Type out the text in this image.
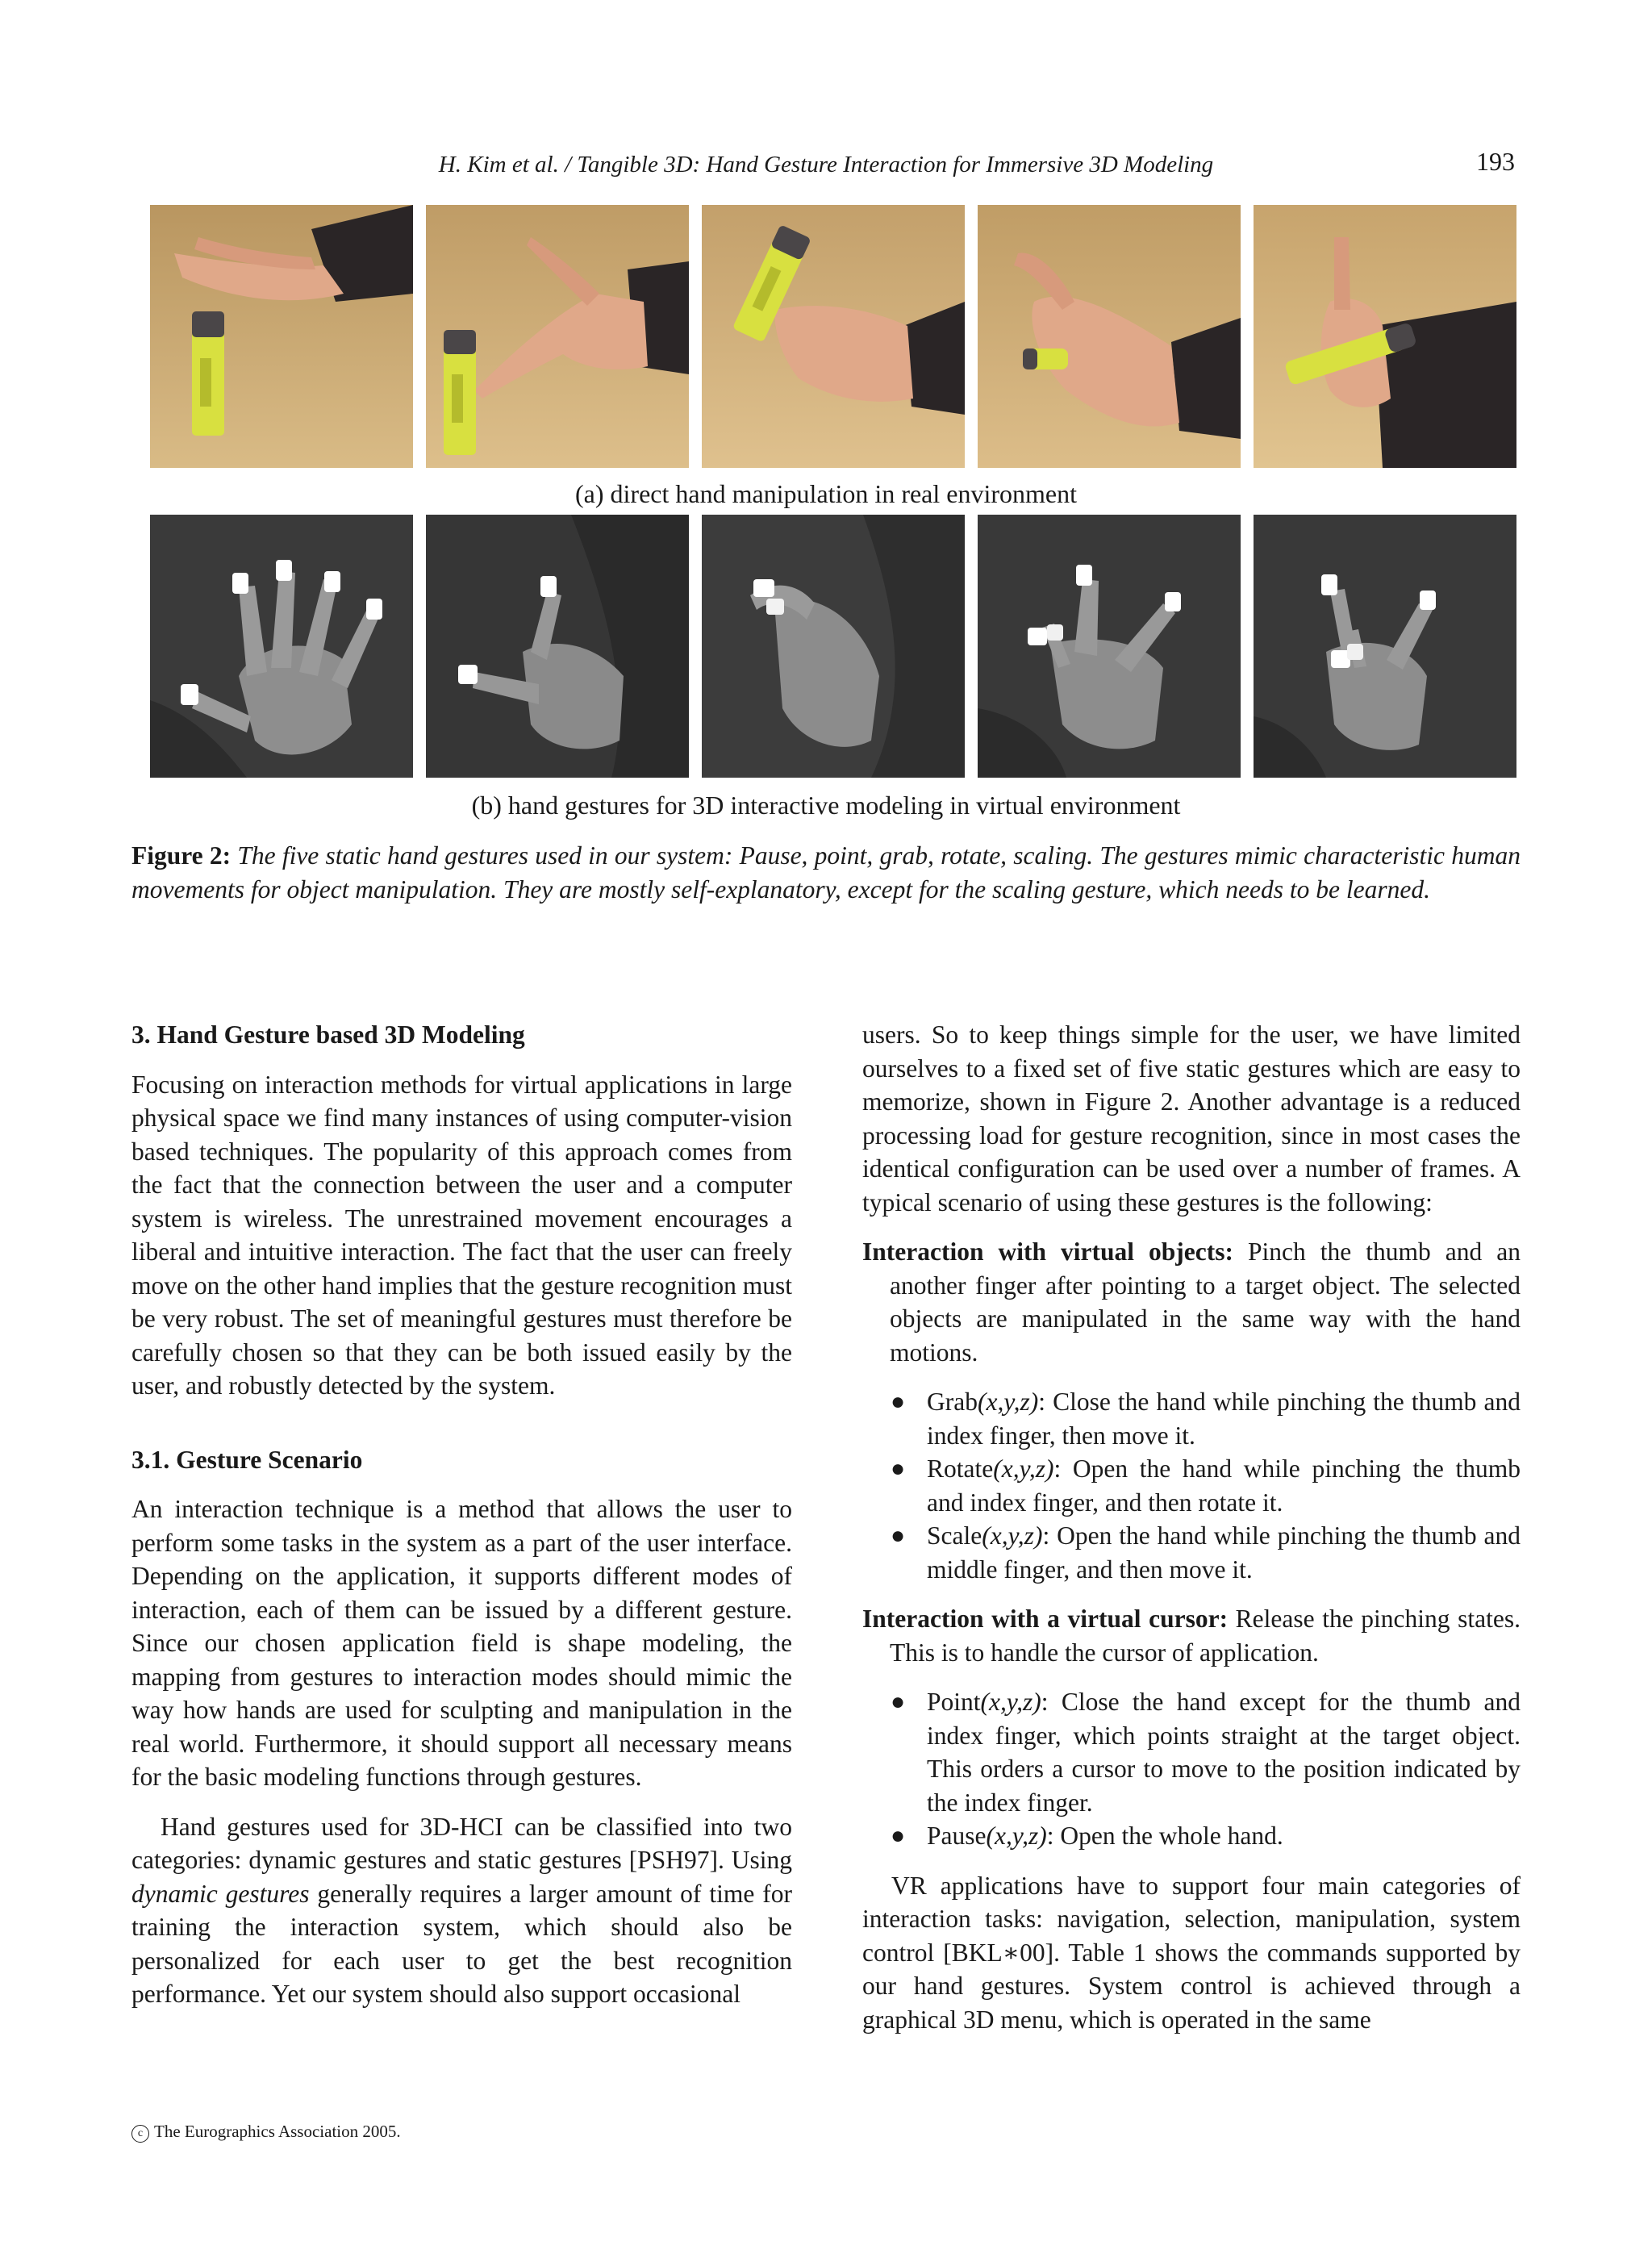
H. Kim et al. / Tangible 3D: Hand Gesture Interaction for Immersive 3D Modeling	193
(a) direct hand manipulation in real environment
(b) hand gestures for 3D interactive modeling in virtual environment
Figure 2: The five static hand gestures used in our system: Pause, point, grab, rotate, scaling. The gestures mimic characteristic human movements for object manipulation. They are mostly self-explanatory, except for the scaling gesture, which needs to be learned.
3. Hand Gesture based 3D Modeling

Focusing on interaction methods for virtual applications in large physical space we find many instances of using computer-vision based techniques. The popularity of this approach comes from the fact that the connection between the user and a computer system is wireless. The unrestrained movement encourages a liberal and intuitive interaction. The fact that the user can freely move on the other hand implies that the gesture recognition must be very robust. The set of meaningful gestures must therefore be carefully chosen so that they can be both issued easily by the user, and robustly detected by the system.

3.1. Gesture Scenario

An interaction technique is a method that allows the user to perform some tasks in the system as a part of the user interface. Depending on the application, it supports different modes of interaction, each of them can be issued by a different gesture. Since our chosen application field is shape modeling, the mapping from gestures to interaction modes should mimic the way how hands are used for sculpting and manipulation in the real world. Furthermore, it should support all necessary means for the basic modeling functions through gestures.

Hand gestures used for 3D-HCI can be classified into two categories: dynamic gestures and static gestures [PSH97]. Using dynamic gestures generally requires a larger amount of time for training the interaction system, which should also be personalized for each user to get the best recognition performance. Yet our system should also support occasional

users. So to keep things simple for the user, we have limited ourselves to a fixed set of five static gestures which are easy to memorize, shown in Figure 2. Another advantage is a reduced processing load for gesture recognition, since in most cases the identical configuration can be used over a number of frames. A typical scenario of using these gestures is the following:

Interaction with virtual objects: Pinch the thumb and an another finger after pointing to a target object. The selected objects are manipulated in the same way with the hand motions.

● Grab(x,y,z): Close the hand while pinching the thumb and index finger, then move it.
● Rotate(x,y,z): Open the hand while pinching the thumb and index finger, and then rotate it.
● Scale(x,y,z): Open the hand while pinching the thumb and middle finger, and then move it.

Interaction with a virtual cursor: Release the pinching states. This is to handle the cursor of application.

● Point(x,y,z): Close the hand except for the thumb and index finger, which points straight at the target object. This orders a cursor to move to the position indicated by the index finger.
● Pause(x,y,z): Open the whole hand.

VR applications have to support four main categories of interaction tasks: navigation, selection, manipulation, system control [BKL∗00]. Table 1 shows the commands supported by our hand gestures. System control is achieved through a graphical 3D menu, which is operated in the same

c The Eurographics Association 2005.
